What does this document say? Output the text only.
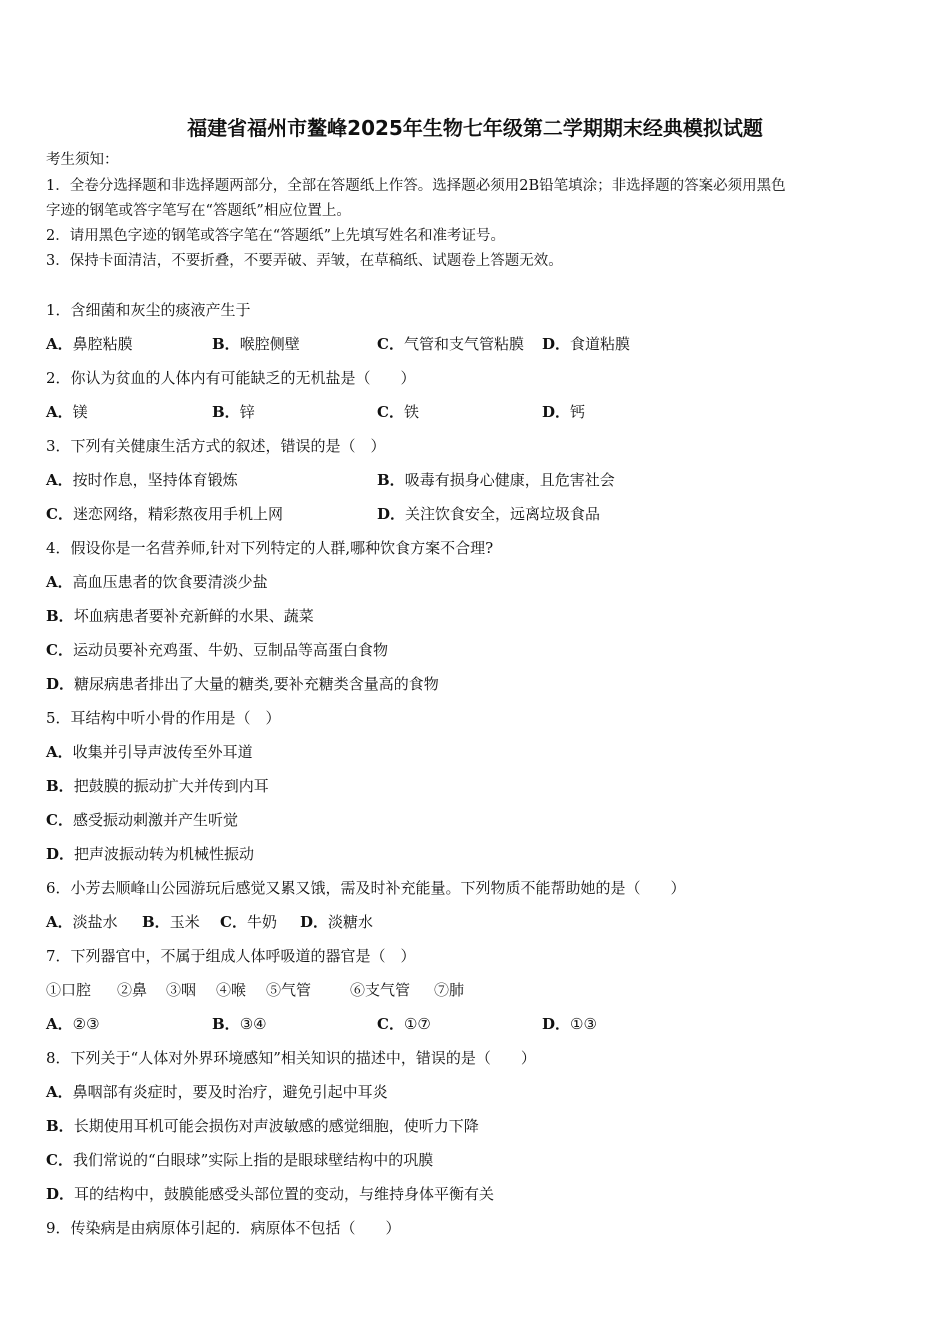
福建省福州市鳌峰2025年生物七年级第二学期期末经典模拟试题
考生须知：
1．全卷分选择题和非选择题两部分，全部在答题纸上作答。选择题必须用2B铅笔填涂；非选择题的答案必须用黑色
字迹的钢笔或答字笔写在“答题纸”相应位置上。
2．请用黑色字迹的钢笔或答字笔在“答题纸”上先填写姓名和准考证号。
3．保持卡面清洁，不要折叠，不要弄破、弄皱，在草稿纸、试题卷上答题无效。
1．含细菌和灰尘的痰液产生于
A．鼻腔粘膜	B．喉腔侧壁	C．气管和支气管粘膜 D．食道粘膜
2．你认为贫血的人体内有可能缺乏的无机盐是（　　）
A．镁	B．锌	C．铁	D．钙
3．下列有关健康生活方式的叙述，错误的是（　）
A．按时作息，坚持体育锻炼	B．吸毒有损身心健康，且危害社会
C．迷恋网络，精彩熬夜用手机上网	D．关注饮食安全，远离垃圾食品
4．假设你是一名营养师,针对下列特定的人群,哪种饮食方案不合理?
A．高血压患者的饮食要清淡少盐
B．坏血病患者要补充新鲜的水果、蔬菜
C．运动员要补充鸡蛋、牛奶、豆制品等高蛋白食物
D．糖尿病患者排出了大量的糖类,要补充糖类含量高的食物
5．耳结构中听小骨的作用是（　）
A．收集并引导声波传至外耳道
B．把鼓膜的振动扩大并传到内耳
C．感受振动刺激并产生听觉
D．把声波振动转为机械性振动
6．小芳去顺峰山公园游玩后感觉又累又饿，需及时补充能量。下列物质不能帮助她的是（　　）
A．淡盐水 B．玉米 C．牛奶 D．淡糖水
7．下列器官中，不属于组成人体呼吸道的器官是（　）
①口腔 ②鼻 ③咽 ④喉 ⑤气管	⑥支气管 ⑦肺
A．②③	B．③④	C．①⑦	D．①③
8．下列关于“人体对外界环境感知”相关知识的描述中，错误的是（　　）
A．鼻咽部有炎症时，要及时治疗，避免引起中耳炎
B．长期使用耳机可能会损伤对声波敏感的感觉细胞，使听力下降
C．我们常说的“白眼球”实际上指的是眼球壁结构中的巩膜
D．耳的结构中，鼓膜能感受头部位置的变动，与维持身体平衡有关
9．传染病是由病原体引起的．病原体不包括（　　）
